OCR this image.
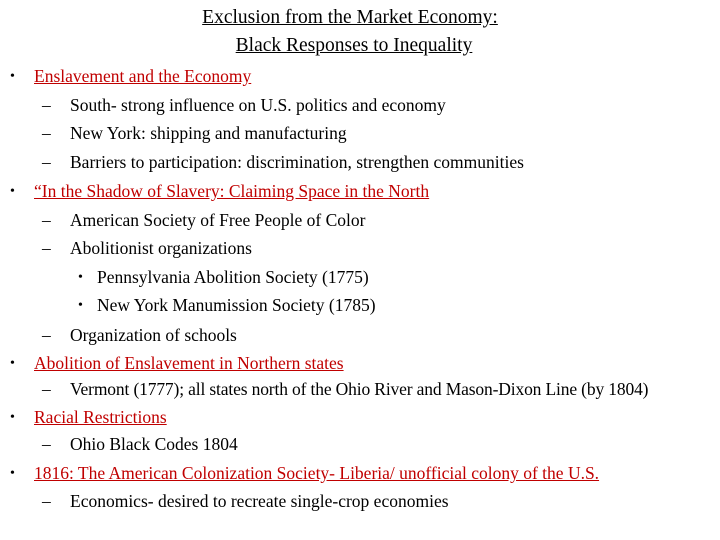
Exclusion from the Market Economy:
Black Responses to Inequality
• Enslavement and the Economy
– South- strong influence on U.S. politics and economy
– New York: shipping and manufacturing
– Barriers to participation: discrimination, strengthen communities
• “In the Shadow of Slavery: Claiming Space in the North
– American Society of Free People of Color
– Abolitionist organizations
• Pennsylvania Abolition Society (1775)
• New York Manumission Society (1785)
– Organization of schools
• Abolition of Enslavement in Northern states
– Vermont (1777); all states north of the Ohio River and Mason-Dixon Line (by 1804)
• Racial Restrictions
– Ohio Black Codes 1804
• 1816: The American Colonization Society- Liberia/ unofficial colony of the U.S.
– Economics- desired to recreate single-crop economies
